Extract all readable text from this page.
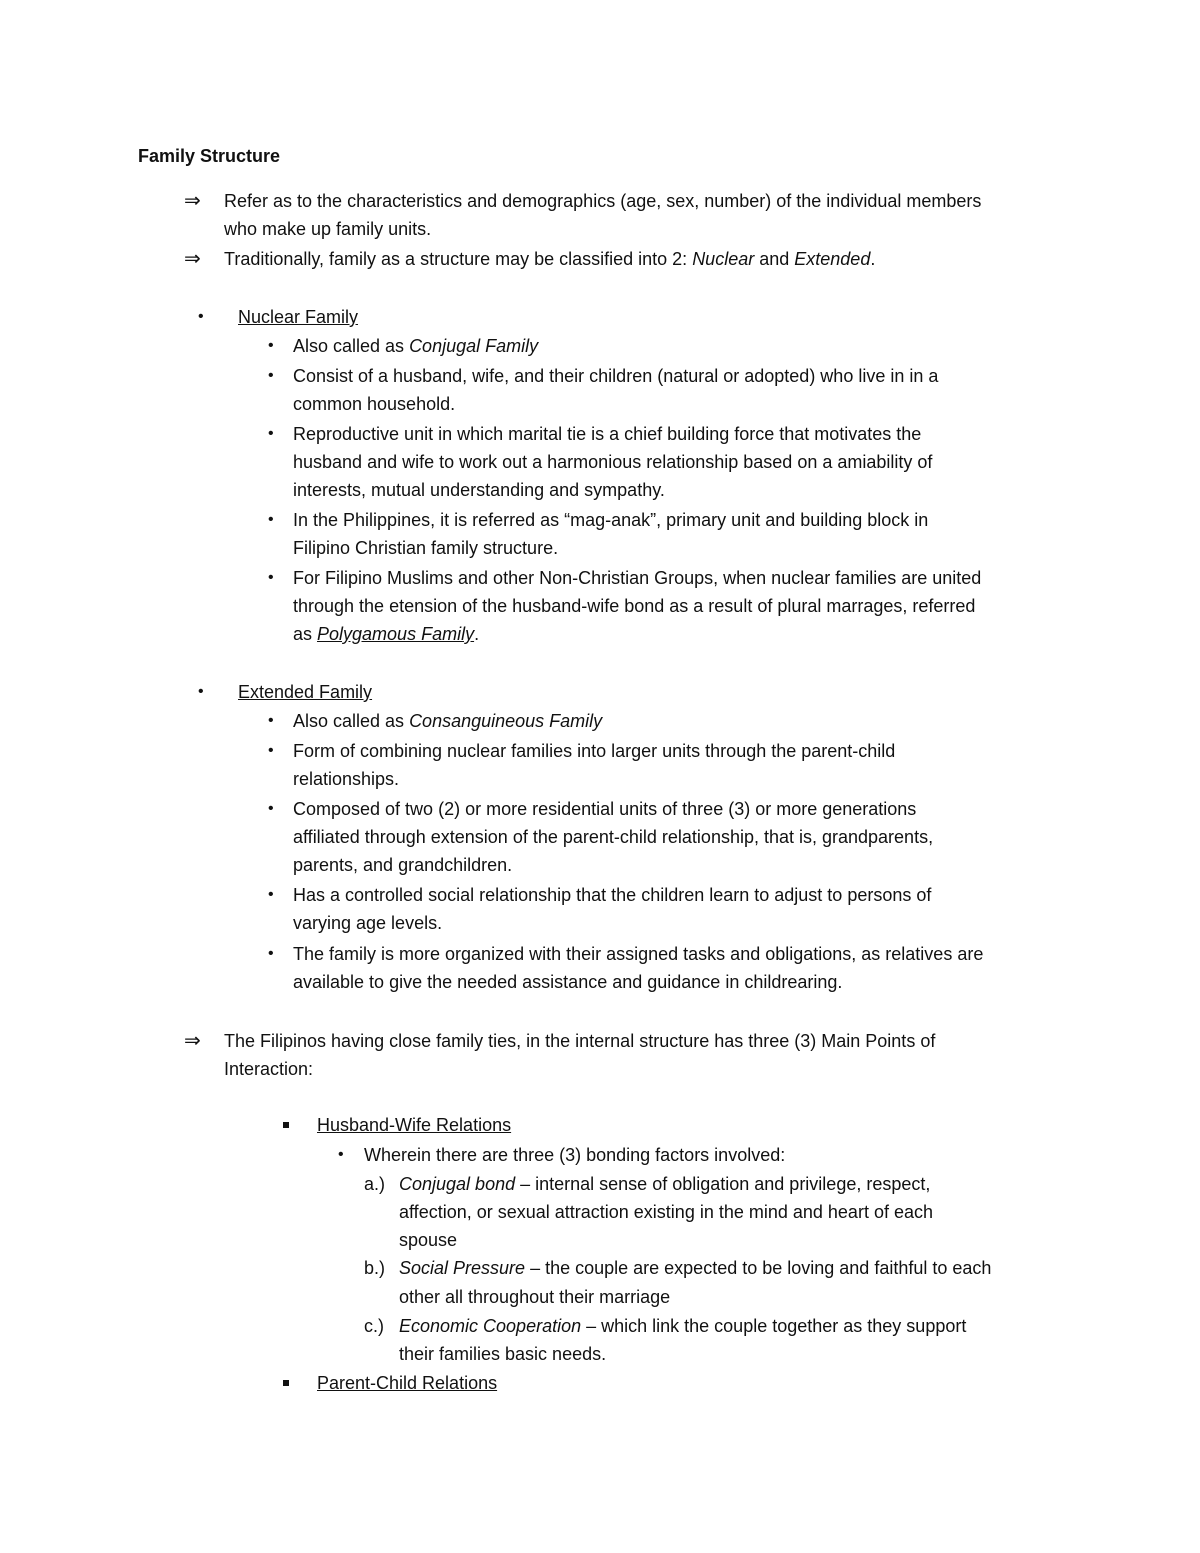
Family Structure
⇒ Refer as to the characteristics and demographics (age, sex, number) of the individual members
who make up family units.
⇒ Traditionally, family as a structure may be classified into 2: Nuclear and Extended.
• Nuclear Family
• Also called as Conjugal Family
• Consist of a husband, wife, and their children (natural or adopted) who live in in a
common household.
• Reproductive unit in which marital tie is a chief building force that motivates the
husband and wife to work out a harmonious relationship based on a amiability of
interests, mutual understanding and sympathy.
• In the Philippines, it is referred as “mag-anak”, primary unit and building block in
Filipino Christian family structure.
• For Filipino Muslims and other Non-Christian Groups, when nuclear families are united
through the etension of the husband-wife bond as a result of plural marrages, referred
as Polygamous Family.
• Extended Family
• Also called as Consanguineous Family
• Form of combining nuclear families into larger units through the parent-child
relationships.
• Composed of two (2) or more residential units of three (3) or more generations
affiliated through extension of the parent-child relationship, that is, grandparents,
parents, and grandchildren.
• Has a controlled social relationship that the children learn to adjust to persons of
varying age levels.
• The family is more organized with their assigned tasks and obligations, as relatives are
available to give the needed assistance and guidance in childrearing.
⇒ The Filipinos having close family ties, in the internal structure has three (3) Main Points of
Interaction:
Husband-Wife Relations
• Wherein there are three (3) bonding factors involved:
a.) Conjugal bond – internal sense of obligation and privilege, respect,
affection, or sexual attraction existing in the mind and heart of each
spouse
b.) Social Pressure – the couple are expected to be loving and faithful to each
other all throughout their marriage
c.) Economic Cooperation – which link the couple together as they support
their families basic needs.
Parent-Child Relations
